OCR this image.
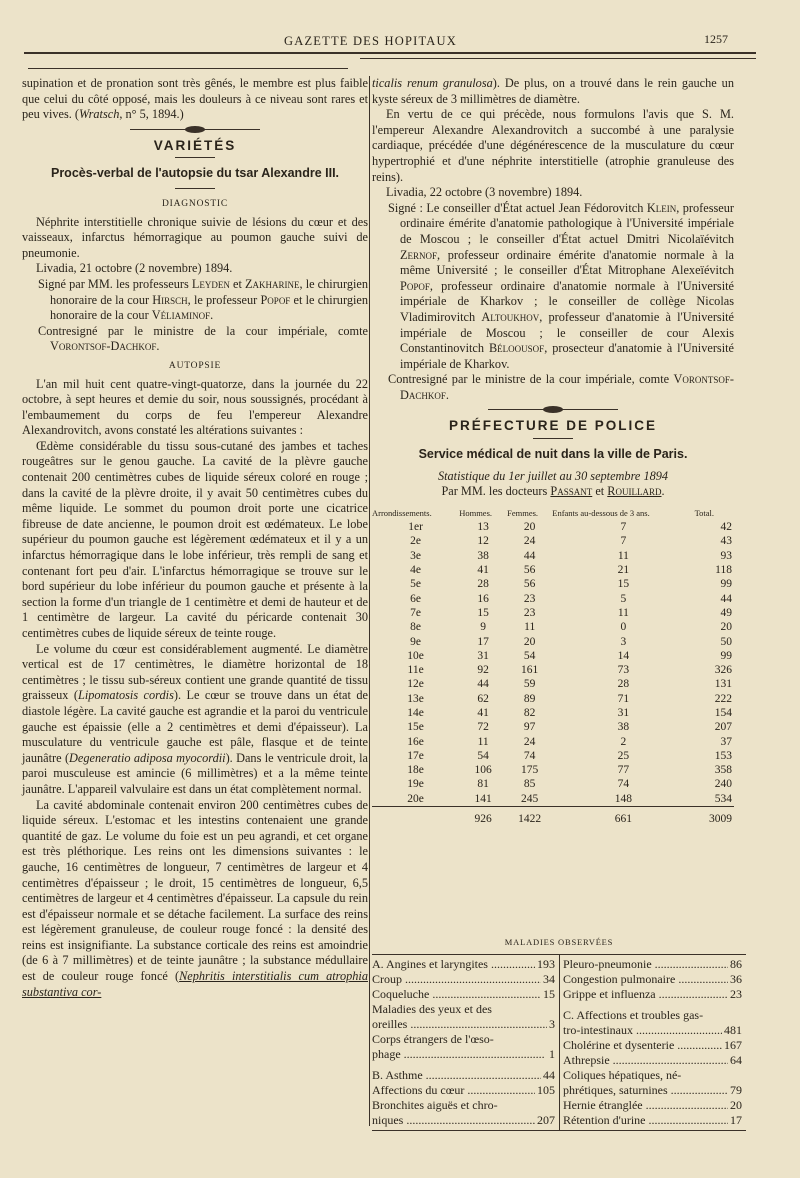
GAZETTE DES HOPITAUX	1257

supination et de pronation sont très gênés, le membre est plus faible que celui du côté opposé, mais les douleurs à ce niveau sont rares et peu vives. (Wratsch, n° 5, 1894.)

VARIÉTÉS

Procès-verbal de l'autopsie du tsar Alexandre III.

DIAGNOSTIC

Néphrite interstitielle chronique suivie de lésions du cœur et des vaisseaux, infarctus hémorragique au poumon gauche suivi de pneumonie.

Livadia, 21 octobre (2 novembre) 1894.

Signé par MM. les professeurs Leyden et Zakharine, le chirurgien honoraire de la cour Hirsch, le professeur Popof et le chirurgien honoraire de la cour Véliaminof.

Contresigné par le ministre de la cour impériale, comte Vorontsof-Dachkof.

AUTOPSIE

L'an mil huit cent quatre-vingt-quatorze, dans la journée du 22 octobre, à sept heures et demie du soir, nous soussignés, procédant à l'embaumement du corps de feu l'empereur Alexandre Alexandrovitch, avons constaté les altérations suivantes :

Œdème considérable du tissu sous-cutané des jambes et taches rougeâtres sur le genou gauche. La cavité de la plèvre gauche contenait 200 centimètres cubes de liquide séreux coloré en rouge ; dans la cavité de la plèvre droite, il y avait 50 centimètres cubes du même liquide. Le sommet du poumon droit porte une cicatrice fibreuse de date ancienne, le poumon droit est œdémateux. Le lobe supérieur du poumon gauche est légèrement œdémateux et il y a un infarctus hémorragique dans le lobe inférieur, très rempli de sang et contenant fort peu d'air. L'infarctus hémorragique se trouve sur le bord supérieur du lobe inférieur du poumon gauche et présente à la section la forme d'un triangle de 1 centimètre et demi de hauteur et de 1 centimètre de largeur. La cavité du péricarde contenait 30 centimètres cubes de liquide séreux de teinte rouge.

Le volume du cœur est considérablement augmenté. Le diamètre vertical est de 17 centimètres, le diamètre horizontal de 18 centimètres ; le tissu sub-séreux contient une grande quantité de tissu graisseux (Lipomatosis cordis). Le cœur se trouve dans un état de diastole légère. La cavité gauche est agrandie et la paroi du ventricule gauche est épaissie (elle a 2 centimètres et demi d'épaisseur). La musculature du ventricule gauche est pâle, flasque et de teinte jaunâtre (Degeneratio adiposa myocordii). Dans le ventricule droit, la paroi musculeuse est amincie (6 millimètres) et a la même teinte jaunâtre. L'appareil valvulaire est dans un état complètement normal.

La cavité abdominale contenait environ 200 centimètres cubes de liquide séreux. L'estomac et les intestins contenaient une grande quantité de gaz. Le volume du foie est un peu agrandi, et cet organe est très pléthorique. Les reins ont les dimensions suivantes : le gauche, 16 centimètres de longueur, 7 centimètres de largeur et 4 centimètres d'épaisseur ; le droit, 15 centimètres de longueur, 6,5 centimètres de largeur et 4 centimètres d'épaisseur. La capsule du rein est d'épaisseur normale et se détache facilement. La surface des reins est légèrement granuleuse, de couleur rouge foncé : la densité des reins est insignifiante. La substance corticale des reins est amoindrie (de 6 à 7 millimètres) et de teinte jaunâtre ; la substance médullaire est de couleur rouge foncé (Nephritis interstitialis cum atrophia substantiva cor-

ticalis renum granulosa). De plus, on a trouvé dans le rein gauche un kyste séreux de 3 millimètres de diamètre.

En vertu de ce qui précède, nous formulons l'avis que S. M. l'empereur Alexandre Alexandrovitch a succombé à une paralysie cardiaque, précédée d'une dégénérescence de la musculature du cœur hypertrophié et d'une néphrite interstitielle (atrophie granuleuse des reins).

Livadia, 22 octobre (3 novembre) 1894.

Signé : Le conseiller d'État actuel Jean Fédorovitch Klein, professeur ordinaire émérite d'anatomie pathologique à l'Université impériale de Moscou ; le conseiller d'État actuel Dmitri Nicolaïévitch Zernof, professeur ordinaire émérite d'anatomie normale à la même Université ; le conseiller d'État Mitrophane Alexeïévitch Popof, professeur ordinaire d'anatomie normale à l'Université impériale de Kharkov ; le conseiller de collège Nicolas Vladimirovitch Altoukhov, professeur d'anatomie à l'Université impériale de Moscou ; le conseiller de cour Alexis Constantinovitch Béloousof, prosecteur d'anatomie à l'Université impériale de Kharkov.

Contresigné par le ministre de la cour impériale, comte Vorontsof-Dachkof.

PRÉFECTURE DE POLICE

Service médical de nuit dans la ville de Paris.

Statistique du 1er juillet au 30 septembre 1894

Par MM. les docteurs Passant et Rouillard.

Arrondissements.	Hommes.	Femmes.	Enfants au-dessous de 3 ans.	Total.
1er	13	20	7	42
2e	12	24	7	43
3e	38	44	11	93
4e	41	56	21	118
5e	28	56	15	99
6e	16	23	5	44
7e	15	23	11	49
8e	9	11	0	20
9e	17	20	3	50
10e	31	54	14	99
11e	92	161	73	326
12e	44	59	28	131
13e	62	89	71	222
14e	41	82	31	154
15e	72	97	38	207
16e	11	24	2	37
17e	54	74	25	153
18e	106	175	77	358
19e	81	85	74	240
20e	141	245	148	534
	926	1422	661	3009
MALADIES OBSERVÉES
A. Angines et laryngites .....	193
Croup .....	34
Coqueluche .....	15
Maladies des yeux et des
oreilles .....	3
Corps étrangers de l'œso-
phage .....	1
B. Asthme .....	44
Affections du cœur .....	105
Bronchites aiguës et chro-
niques .....	207
Pleuro-pneumonie .....	86
Congestion pulmonaire .....	36
Grippe et influenza .....	23
C. Affections et troubles gas-
tro-intestinaux .....	481
Cholérine et dysenterie .....	167
Athrepsie .....	64
Coliques hépatiques, né-
phrétiques, saturnines .....	79
Hernie étranglée .....	20
Rétention d'urine .....	17
